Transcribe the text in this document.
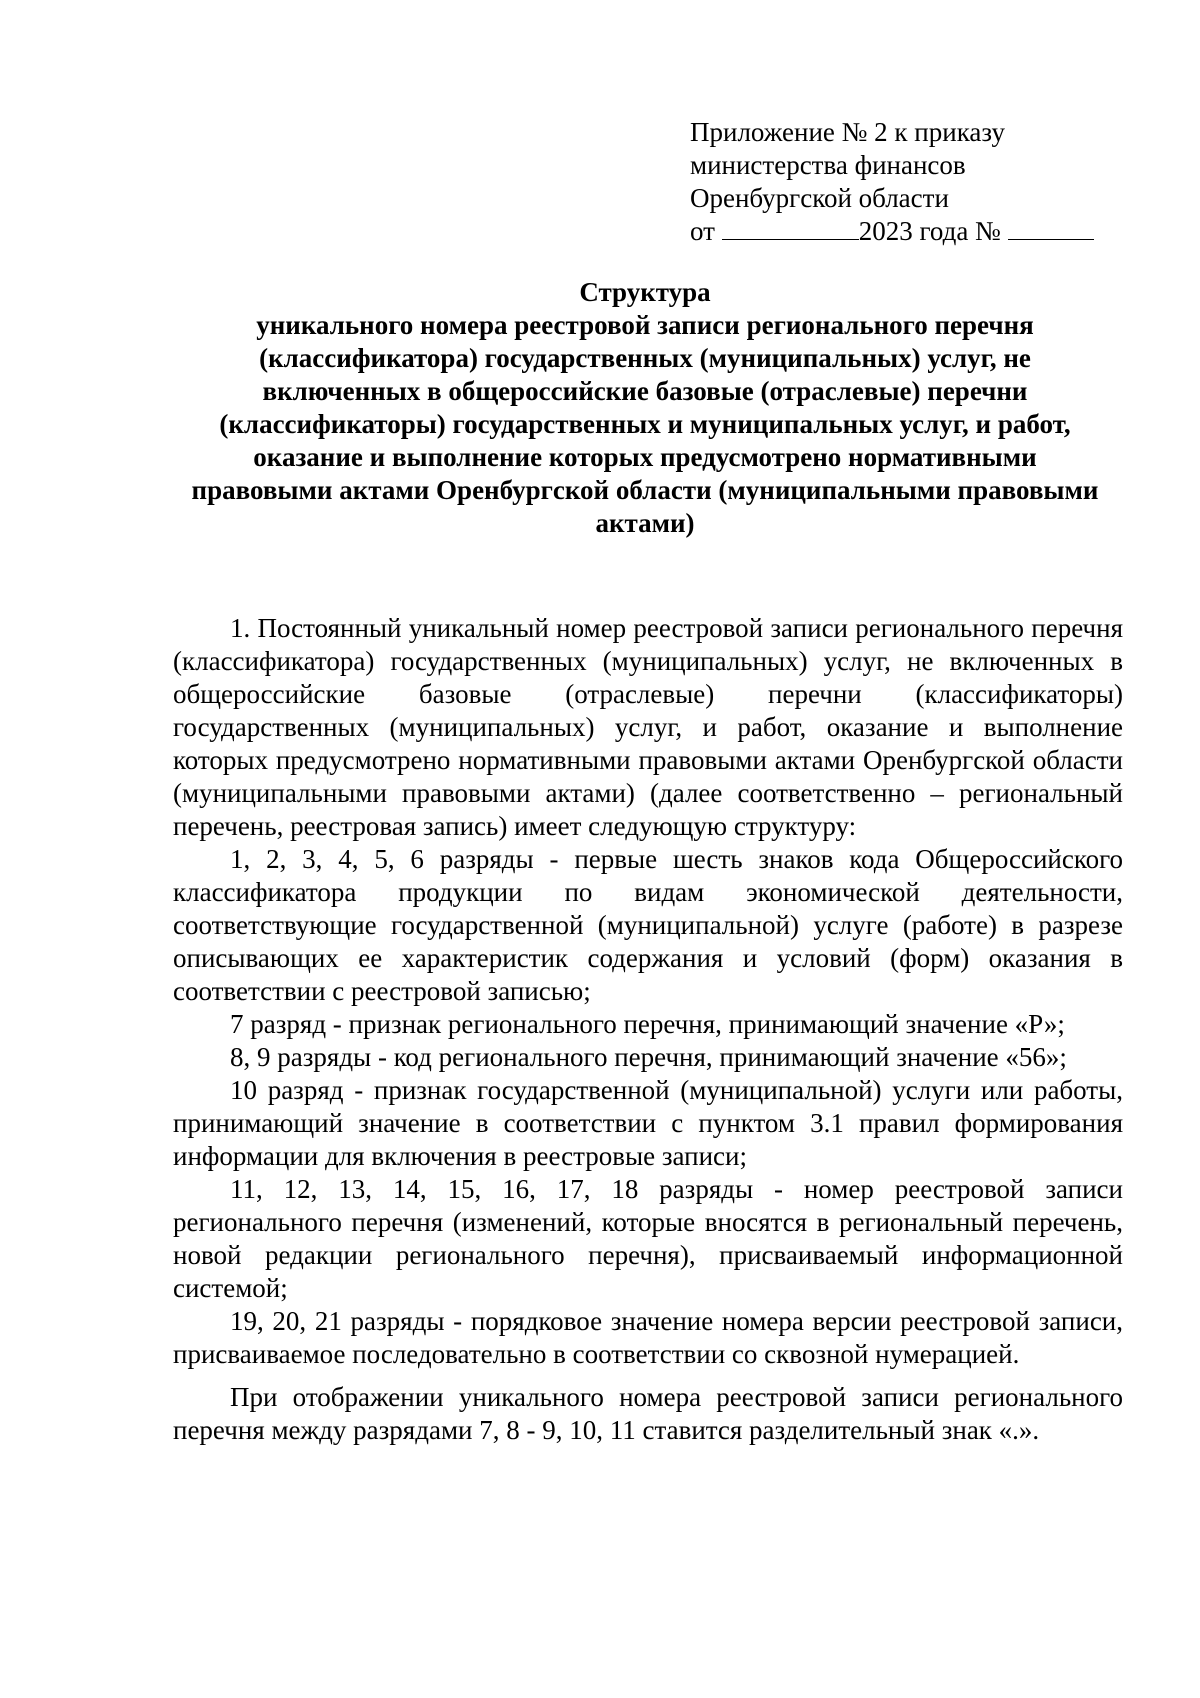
Приложение № 2 к приказу
министерства финансов
Оренбургской области
от	2023 года №
Структура
уникального номера реестровой записи регионального перечня
(классификатора) государственных (муниципальных) услуг, не
включенных в общероссийские базовые (отраслевые) перечни
(классификаторы) государственных и муниципальных услуг, и работ,
оказание и выполнение которых предусмотрено нормативными
правовыми актами Оренбургской области (муниципальными правовыми
актами)

1. Постоянный уникальный номер реестровой записи регионального перечня (классификатора) государственных (муниципальных) услуг, не включенных в общероссийские базовые (отраслевые) перечни (классификаторы) государственных (муниципальных) услуг, и работ, оказание и выполнение которых предусмотрено нормативными правовыми актами Оренбургской области (муниципальными правовыми актами) (далее соответственно – региональный перечень, реестровая запись) имеет следующую структуру:

1, 2, 3, 4, 5, 6 разряды - первые шесть знаков кода Общероссийского классификатора продукции по видам экономической деятельности, соответствующие государственной (муниципальной) услуге (работе) в разрезе описывающих ее характеристик содержания и условий (форм) оказания в соответствии с реестровой записью;

7 разряд - признак регионального перечня, принимающий значение «Р»;

8, 9 разряды - код регионального перечня, принимающий значение «56»;

10 разряд - признак государственной (муниципальной) услуги или работы, принимающий значение в соответствии с пунктом 3.1 правил формирования информации для включения в реестровые записи;

11, 12, 13, 14, 15, 16, 17, 18 разряды - номер реестровой записи регионального перечня (изменений, которые вносятся в региональный перечень, новой редакции регионального перечня), присваиваемый информационной системой;

19, 20, 21 разряды - порядковое значение номера версии реестровой записи, присваиваемое последовательно в соответствии со сквозной нумерацией.

При отображении уникального номера реестровой записи регионального перечня между разрядами 7, 8 - 9, 10, 11 ставится разделительный знак «.».
